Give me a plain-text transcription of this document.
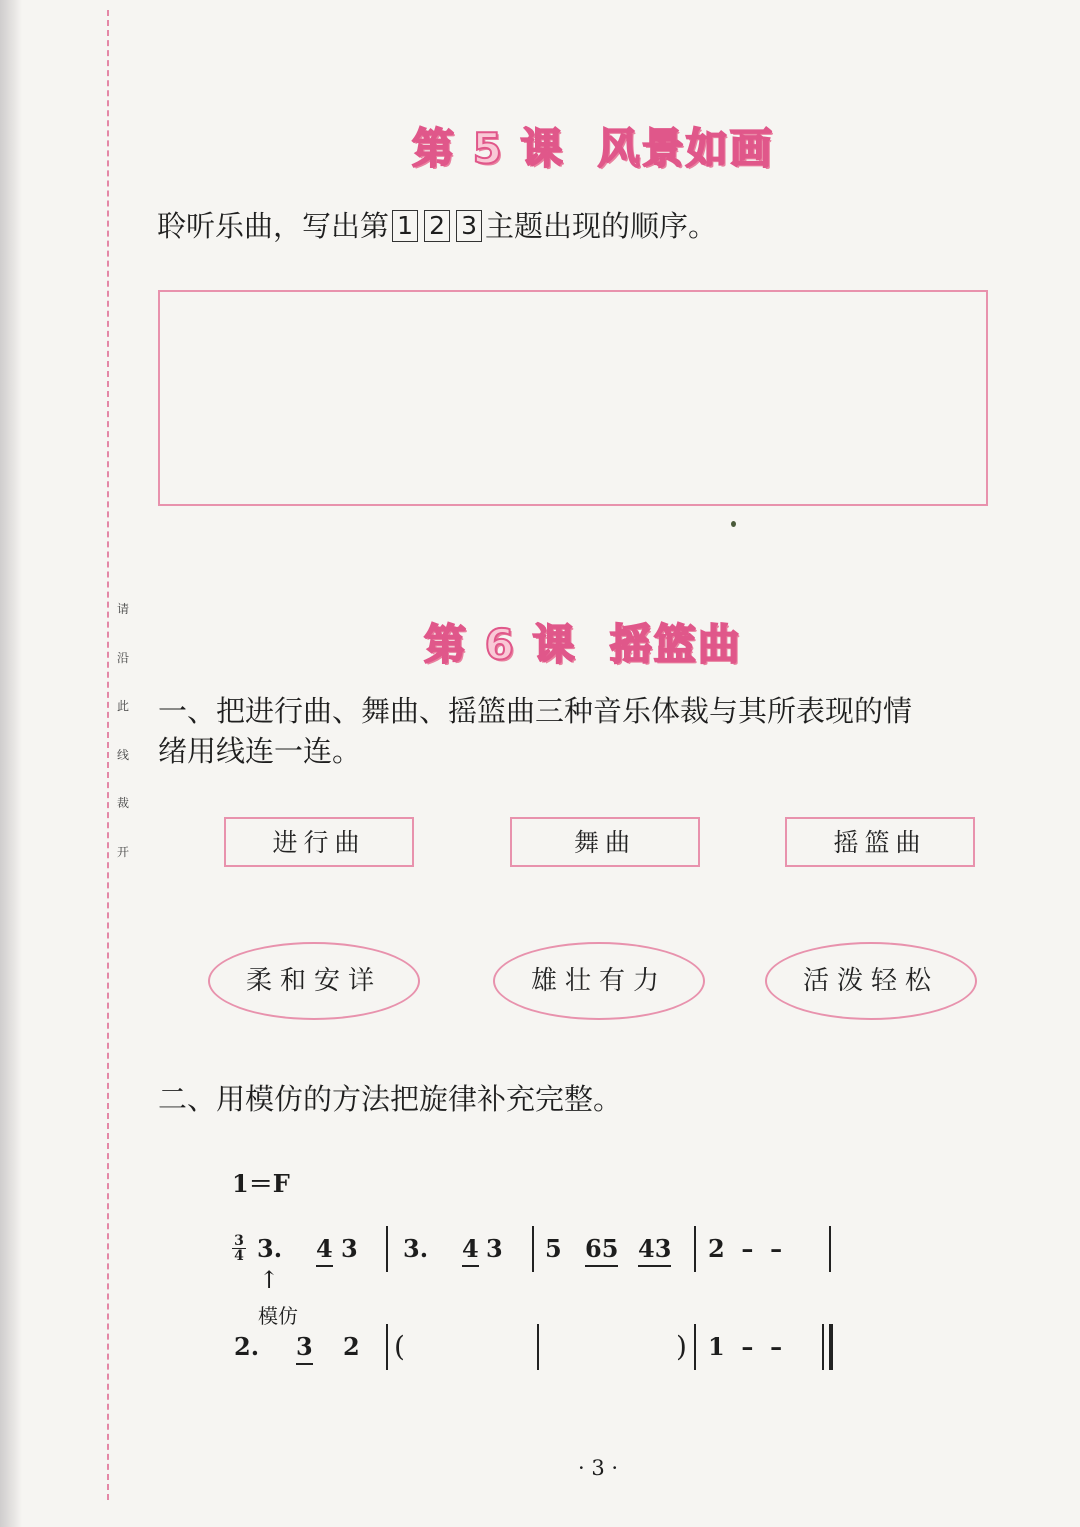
请
沿
此
线
裁
开
第 5 课  风景如画
聆听乐曲，写出第 1 2 3 主题出现的顺序。
第 6 课  摇篮曲
一、把进行曲、舞曲、摇篮曲三种音乐体裁与其所表现的情
绪用线连一连。
进行曲	舞曲	摇篮曲
柔和安详	雄壮有力	活泼轻松
二、用模仿的方法把旋律补充完整。
1＝F
3
4 3. 4 3 3. 4 3 5 65 43 2  –  –
↑
模仿
2. 3 2 (	) 1  –  –
· 3 ·
